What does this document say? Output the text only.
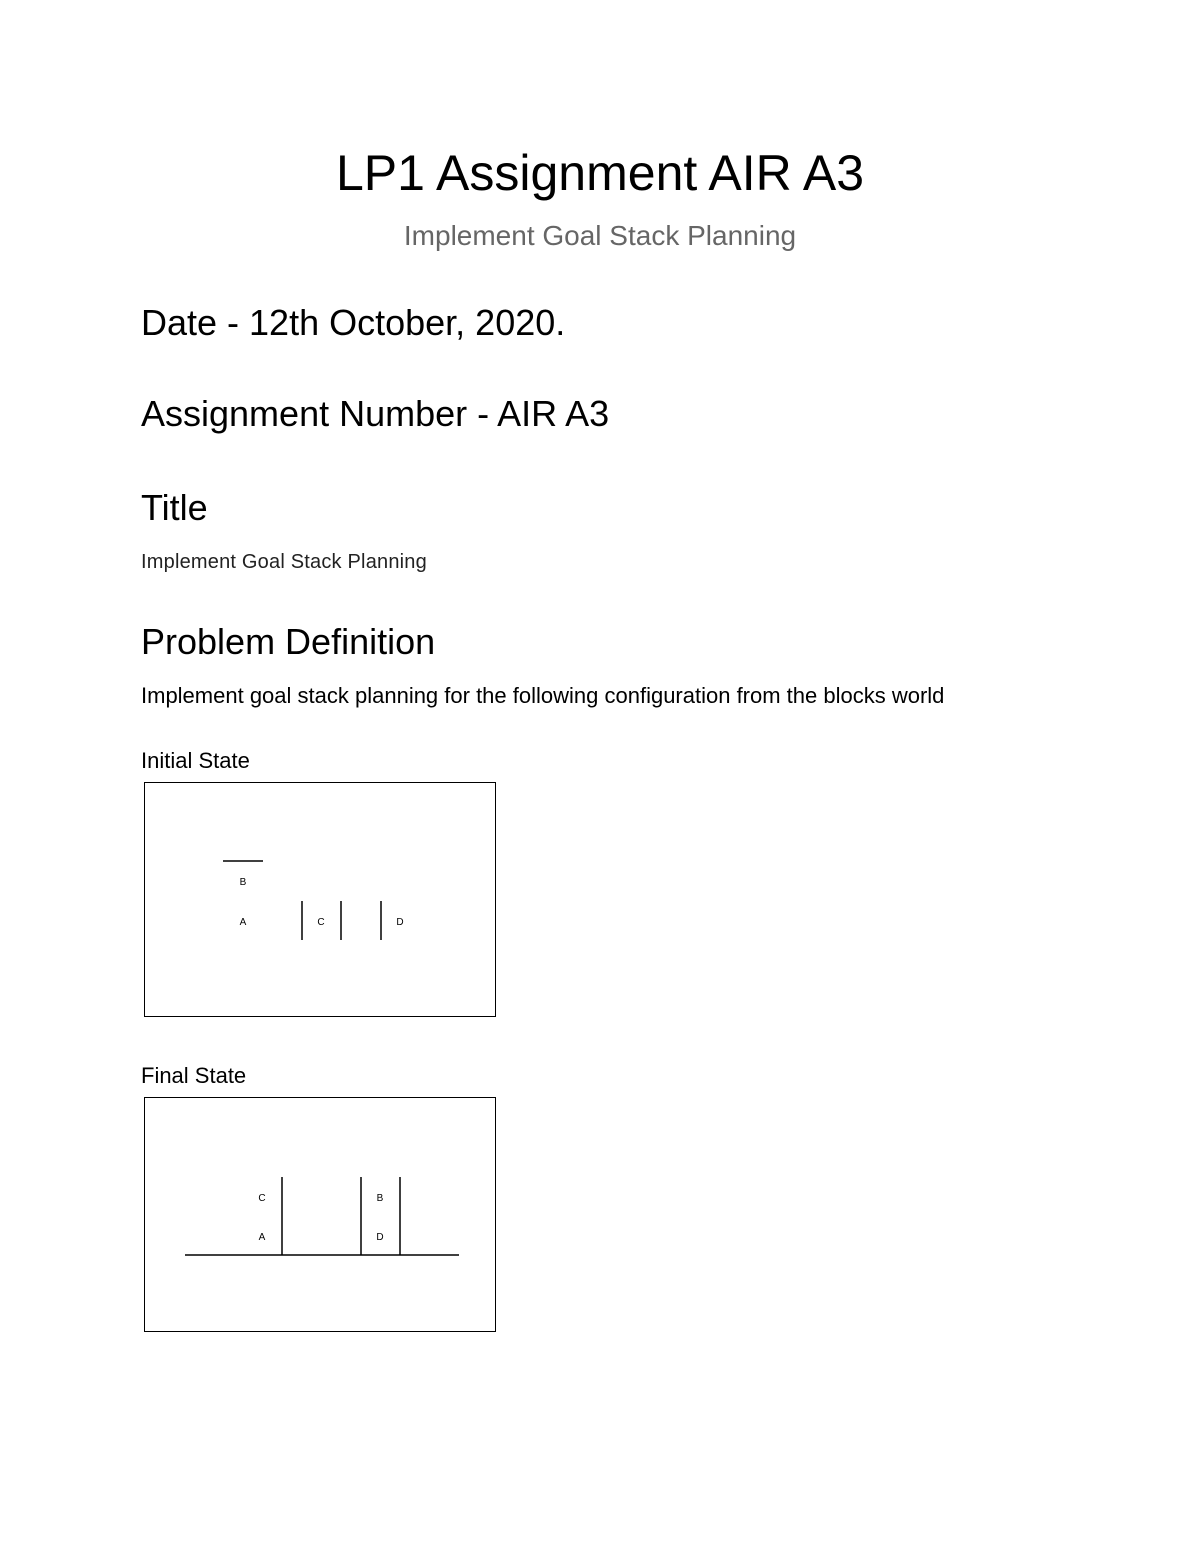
LP1 Assignment AIR A3
Implement Goal Stack Planning
Date - 12th October, 2020.
Assignment Number - AIR A3
Title
Implement Goal Stack Planning
Problem Definition
Implement goal stack planning for the following configuration from the blocks world
Initial State
B
A	C	D
Final State
C
A
B
D
